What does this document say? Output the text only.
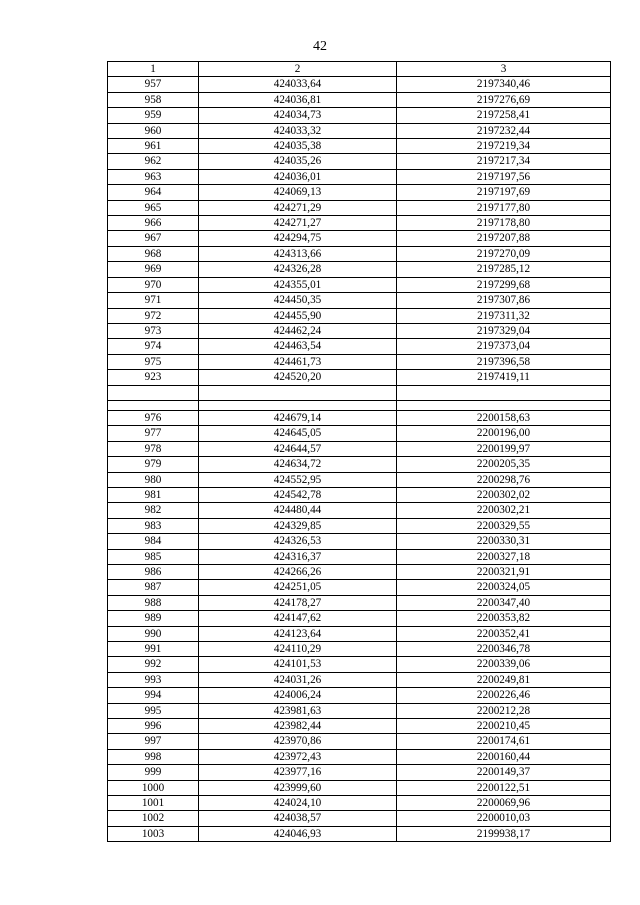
42
1	2	3
957	424033,64	2197340,46
958	424036,81	2197276,69
959	424034,73	2197258,41
960	424033,32	2197232,44
961	424035,38	2197219,34
962	424035,26	2197217,34
963	424036,01	2197197,56
964	424069,13	2197197,69
965	424271,29	2197177,80
966	424271,27	2197178,80
967	424294,75	2197207,88
968	424313,66	2197270,09
969	424326,28	2197285,12
970	424355,01	2197299,68
971	424450,35	2197307,86
972	424455,90	2197311,32
973	424462,24	2197329,04
974	424463,54	2197373,04
975	424461,73	2197396,58
923	424520,20	2197419,11

976	424679,14	2200158,63
977	424645,05	2200196,00
978	424644,57	2200199,97
979	424634,72	2200205,35
980	424552,95	2200298,76
981	424542,78	2200302,02
982	424480,44	2200302,21
983	424329,85	2200329,55
984	424326,53	2200330,31
985	424316,37	2200327,18
986	424266,26	2200321,91
987	424251,05	2200324,05
988	424178,27	2200347,40
989	424147,62	2200353,82
990	424123,64	2200352,41
991	424110,29	2200346,78
992	424101,53	2200339,06
993	424031,26	2200249,81
994	424006,24	2200226,46
995	423981,63	2200212,28
996	423982,44	2200210,45
997	423970,86	2200174,61
998	423972,43	2200160,44
999	423977,16	2200149,37
1000	423999,60	2200122,51
1001	424024,10	2200069,96
1002	424038,57	2200010,03
1003	424046,93	2199938,17
